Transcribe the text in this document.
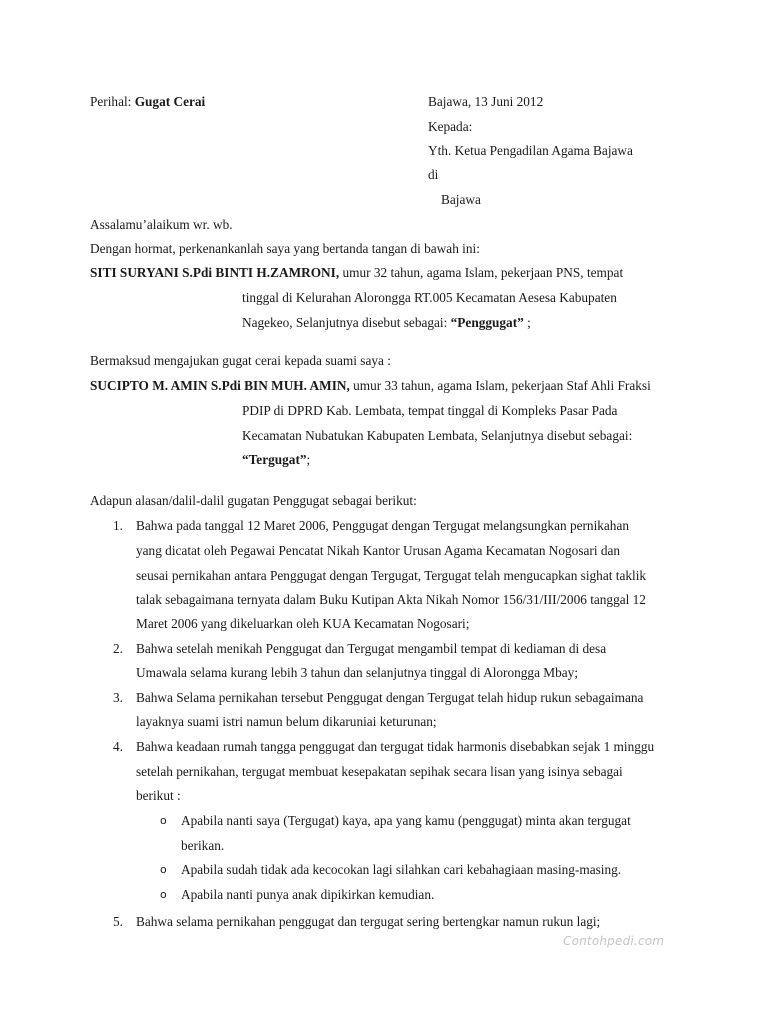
Perihal: Gugat Cerai	Bajawa, 13 Juni 2012
Kepada:
Yth. Ketua Pengadilan Agama Bajawa
di
Bajawa
Assalamu’alaikum wr. wb.
Dengan hormat, perkenankanlah saya yang bertanda tangan di bawah ini:
SITI SURYANI S.Pdi BINTI H.ZAMRONI, umur 32 tahun, agama Islam, pekerjaan PNS, tempat
tinggal di Kelurahan Alorongga RT.005 Kecamatan Aesesa Kabupaten
Nagekeo, Selanjutnya disebut sebagai: “Penggugat” ;
Bermaksud mengajukan gugat cerai kepada suami saya :
SUCIPTO M. AMIN S.Pdi BIN MUH. AMIN, umur 33 tahun, agama Islam, pekerjaan Staf Ahli Fraksi
PDIP di DPRD Kab. Lembata, tempat tinggal di Kompleks Pasar Pada
Kecamatan Nubatukan Kabupaten Lembata, Selanjutnya disebut sebagai:
“Tergugat”;
Adapun alasan/dalil-dalil gugatan Penggugat sebagai berikut:
1. Bahwa pada tanggal 12 Maret 2006, Penggugat dengan Tergugat melangsungkan pernikahan
yang dicatat oleh Pegawai Pencatat Nikah Kantor Urusan Agama Kecamatan Nogosari dan
seusai pernikahan antara Penggugat dengan Tergugat, Tergugat telah mengucapkan sighat taklik
talak sebagaimana ternyata dalam Buku Kutipan Akta Nikah Nomor 156/31/III/2006 tanggal 12
Maret 2006 yang dikeluarkan oleh KUA Kecamatan Nogosari;
2. Bahwa setelah menikah Penggugat dan Tergugat mengambil tempat di kediaman di desa
Umawala selama kurang lebih 3 tahun dan selanjutnya tinggal di Alorongga Mbay;
3. Bahwa Selama pernikahan tersebut Penggugat dengan Tergugat telah hidup rukun sebagaimana
layaknya suami istri namun belum dikaruniai keturunan;
4. Bahwa keadaan rumah tangga penggugat dan tergugat tidak harmonis disebabkan sejak 1 minggu
setelah pernikahan, tergugat membuat kesepakatan sepihak secara lisan yang isinya sebagai
berikut :
o Apabila nanti saya (Tergugat) kaya, apa yang kamu (penggugat) minta akan tergugat
berikan.
o Apabila sudah tidak ada kecocokan lagi silahkan cari kebahagiaan masing-masing.
o Apabila nanti punya anak dipikirkan kemudian.
5. Bahwa selama pernikahan penggugat dan tergugat sering bertengkar namun rukun lagi;
Contohpedi.com
